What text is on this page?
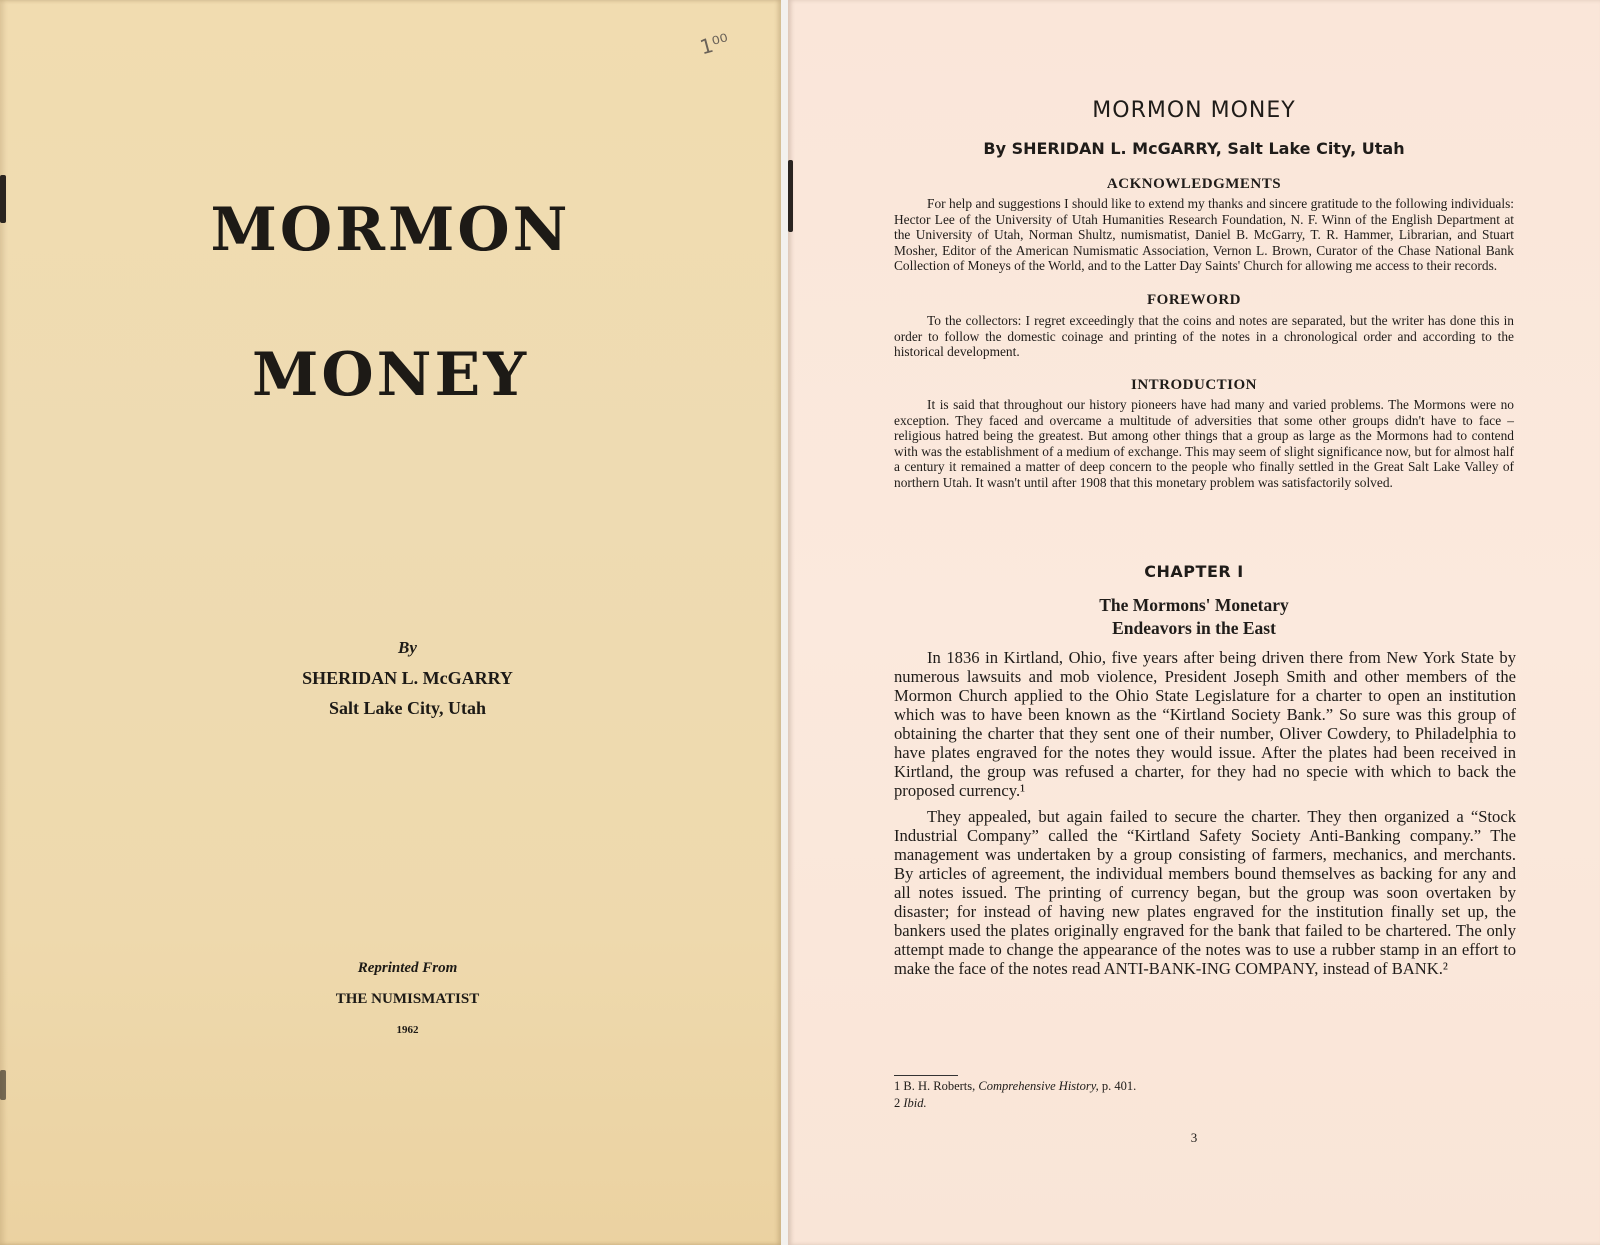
1⁰⁰
MORMON
MONEY
By
SHERIDAN L. McGARRY
Salt Lake City, Utah
Reprinted From
THE NUMISMATIST
1962
MORMON MONEY
By SHERIDAN L. McGARRY, Salt Lake City, Utah
ACKNOWLEDGMENTS

For help and suggestions I should like to extend my thanks and sincere gratitude to the following individuals: Hector Lee of the University of Utah Humanities Research Foundation, N. F. Winn of the English Department at the University of Utah, Norman Shultz, numismatist, Daniel B. McGarry, T. R. Hammer, Librarian, and Stuart Mosher, Editor of the American Numismatic Association, Vernon L. Brown, Curator of the Chase National Bank Collection of Moneys of the World, and to the Latter Day Saints' Church for allowing me access to their records.

FOREWORD

To the collectors: I regret exceedingly that the coins and notes are separated, but the writer has done this in order to follow the domestic coinage and printing of the notes in a chronological order and according to the historical development.

INTRODUCTION

It is said that throughout our history pioneers have had many and varied problems. The Mormons were no exception. They faced and overcame a multitude of adversities that some other groups didn't have to face – religious hatred being the greatest. But among other things that a group as large as the Mormons had to contend with was the establishment of a medium of exchange. This may seem of slight significance now, but for almost half a century it remained a matter of deep concern to the people who finally settled in the Great Salt Lake Valley of northern Utah. It wasn't until after 1908 that this monetary problem was satisfactorily solved.

CHAPTER I
The Mormons' Monetary
Endeavors in the East

In 1836 in Kirtland, Ohio, five years after being driven there from New York State by numerous lawsuits and mob violence, President Joseph Smith and other members of the Mormon Church applied to the Ohio State Legislature for a charter to open an institution which was to have been known as the “Kirtland Society Bank.” So sure was this group of obtaining the charter that they sent one of their number, Oliver Cowdery, to Philadelphia to have plates engraved for the notes they would issue. After the plates had been received in Kirtland, the group was refused a charter, for they had no specie with which to back the proposed currency.¹

They appealed, but again failed to secure the charter. They then organized a “Stock Industrial Company” called the “Kirtland Safety Society Anti-Banking company.” The management was undertaken by a group consisting of farmers, mechanics, and merchants. By articles of agreement, the individual members bound themselves as backing for any and all notes issued. The printing of currency began, but the group was soon overtaken by disaster; for instead of having new plates engraved for the institution finally set up, the bankers used the plates originally engraved for the bank that failed to be chartered. The only attempt made to change the appearance of the notes was to use a rubber stamp in an effort to make the face of the notes read ANTI-BANK-ING COMPANY, instead of BANK.²

1 B. H. Roberts, Comprehensive History, p. 401.
2 Ibid.
3
